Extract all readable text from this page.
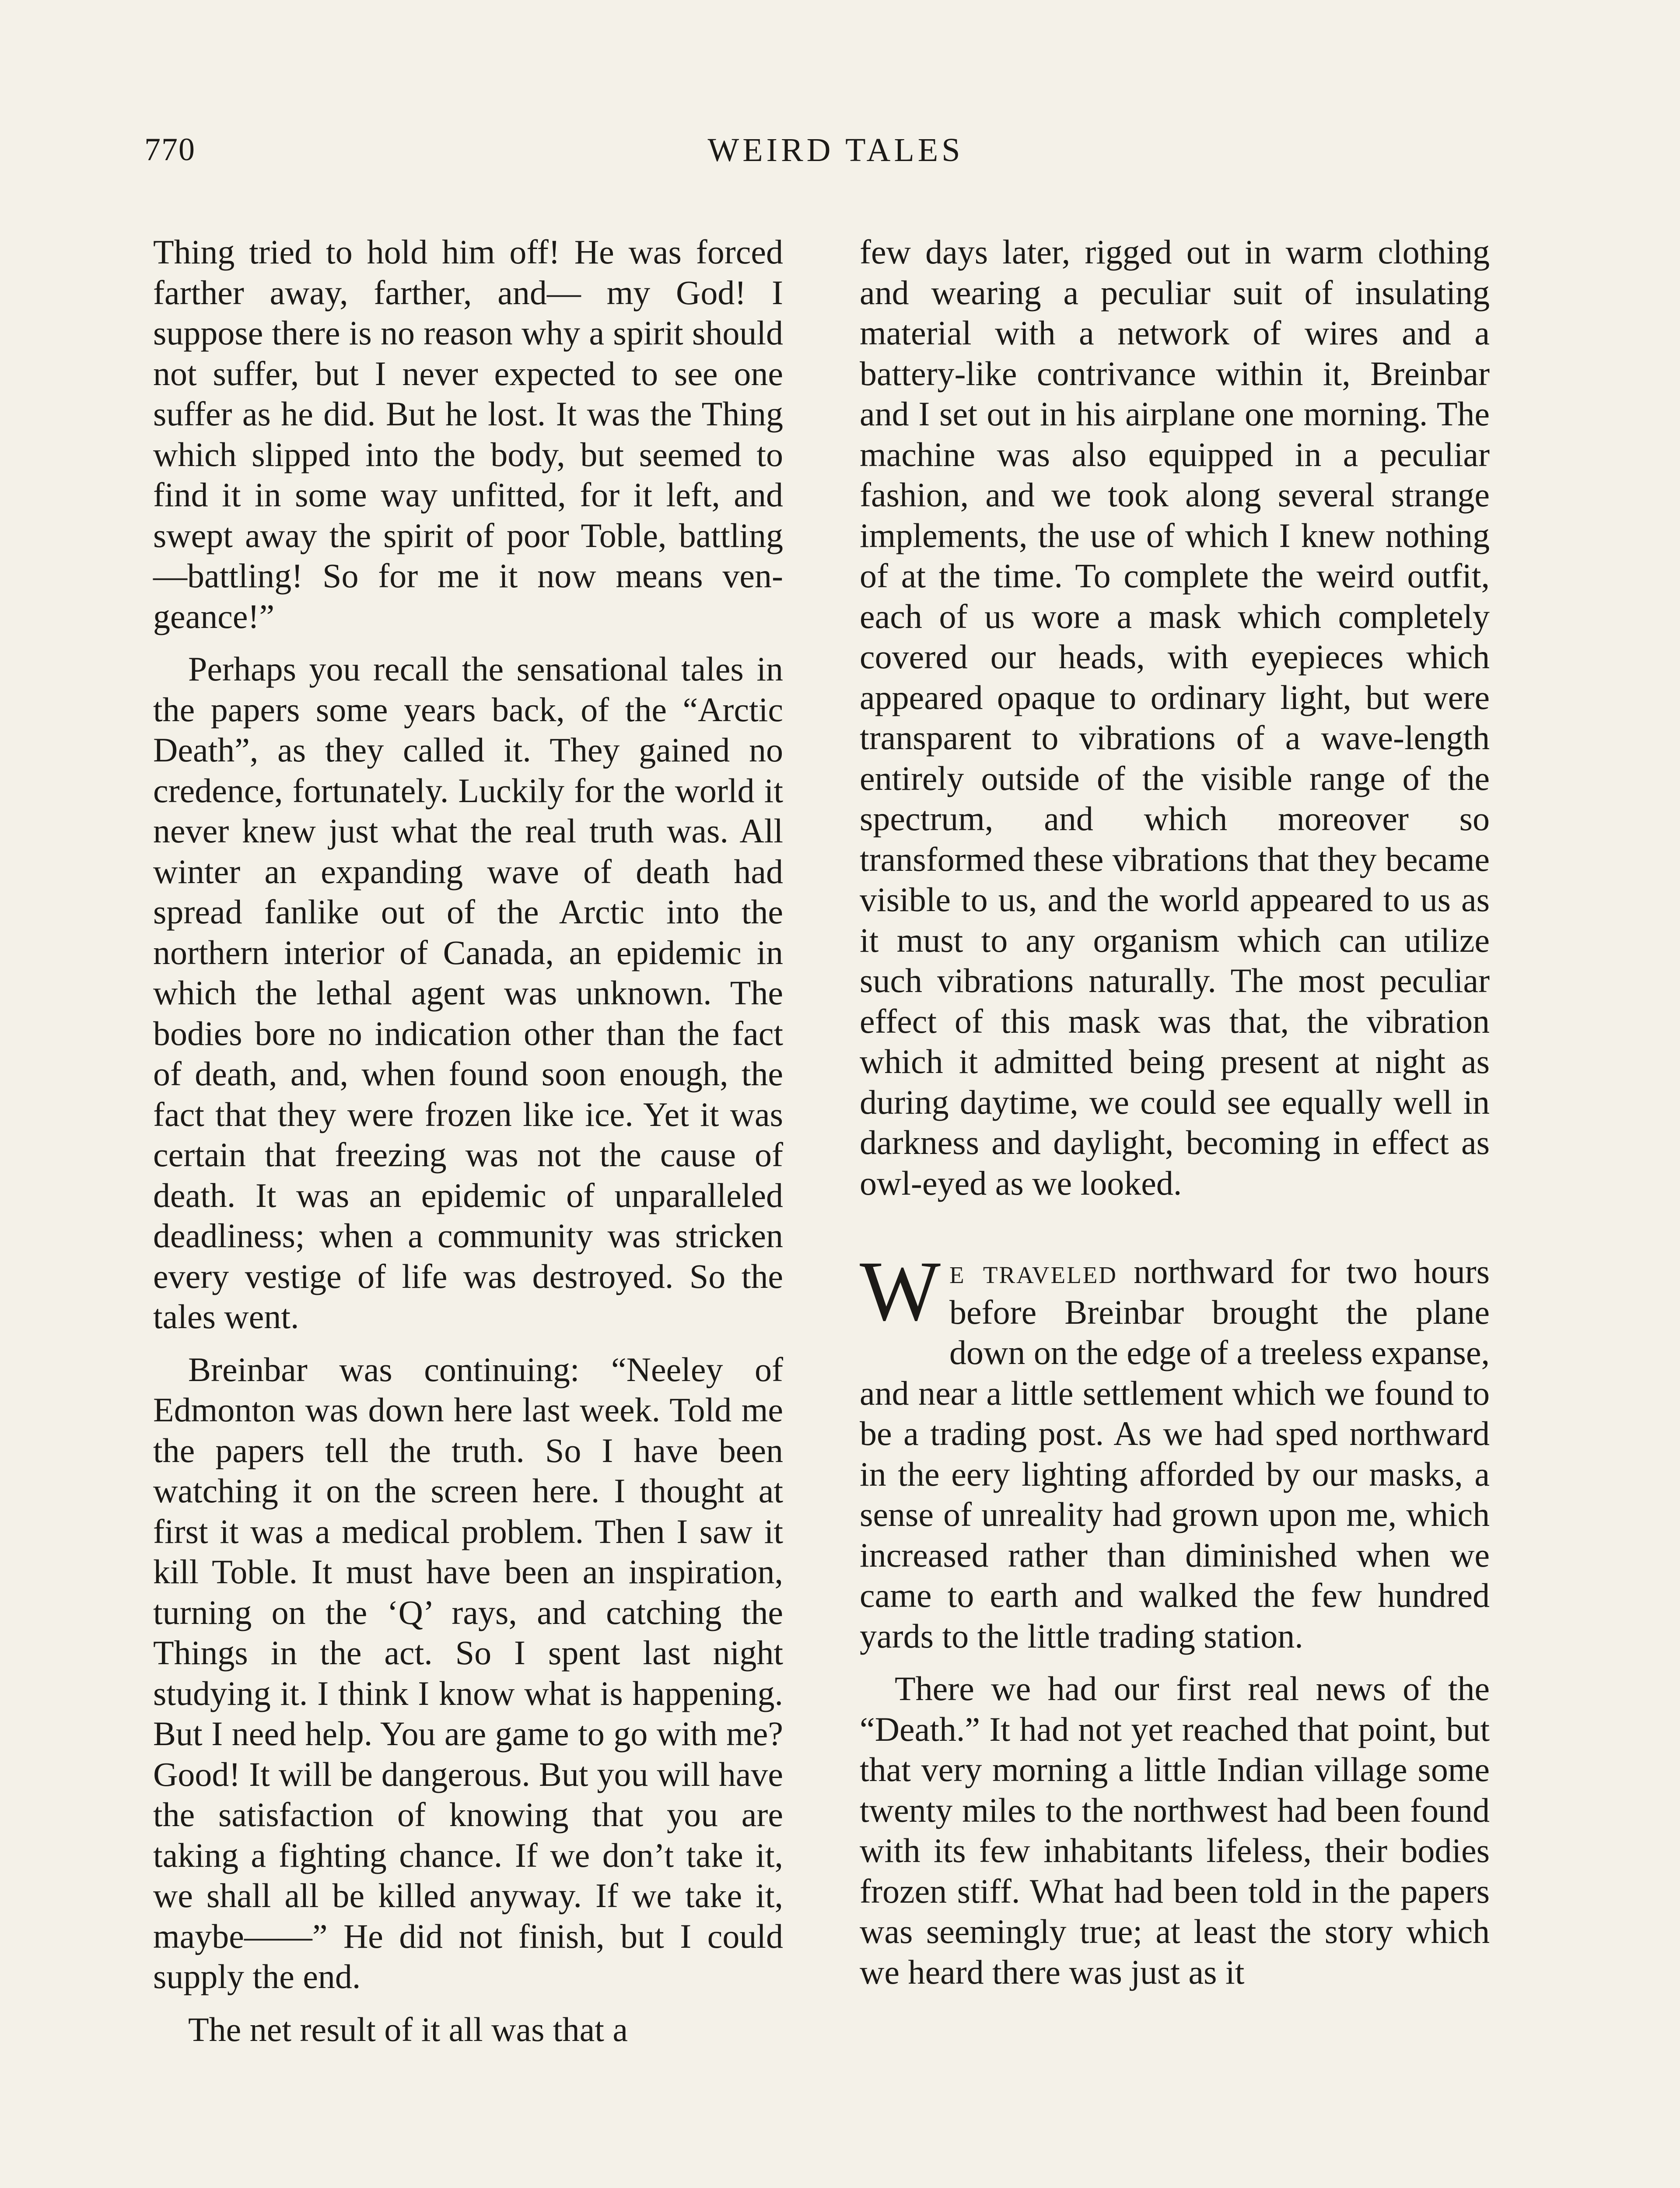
770	WEIRD TALES

Thing tried to hold him off! He was forced farther away, farther, and— my God! I suppose there is no reason why a spirit should not suffer, but I never expected to see one suffer as he did. But he lost. It was the Thing which slipped into the body, but seemed to find it in some way unfitted, for it left, and swept away the spirit of poor Toble, battling—battling! So for me it now means vengeance!”

Perhaps you recall the sensational tales in the papers some years back, of the “Arctic Death”, as they called it. They gained no credence, fortunately. Luckily for the world it never knew just what the real truth was. All winter an expanding wave of death had spread fanlike out of the Arctic into the northern interior of Canada, an epidemic in which the lethal agent was unknown. The bodies bore no indication other than the fact of death, and, when found soon enough, the fact that they were frozen like ice. Yet it was certain that freezing was not the cause of death. It was an epidemic of unparalleled deadliness; when a community was stricken every vestige of life was destroyed. So the tales went.

Breinbar was continuing: “Neeley of Edmonton was down here last week. Told me the papers tell the truth. So I have been watching it on the screen here. I thought at first it was a medical problem. Then I saw it kill Toble. It must have been an inspiration, turning on the ‘Q’ rays, and catching the Things in the act. So I spent last night studying it. I think I know what is happening. But I need help. You are game to go with me? Good! It will be dangerous. But you will have the satisfaction of knowing that you are taking a fighting chance. If we don’t take it, we shall all be killed anyway. If we take it, maybe——” He did not finish, but I could supply the end.

The net result of it all was that a

few days later, rigged out in warm clothing and wearing a peculiar suit of insulating material with a network of wires and a battery-like contrivance within it, Breinbar and I set out in his airplane one morning. The machine was also equipped in a peculiar fashion, and we took along several strange implements, the use of which I knew nothing of at the time. To complete the weird outfit, each of us wore a mask which completely covered our heads, with eyepieces which appeared opaque to ordinary light, but were transparent to vibrations of a wave-length entirely outside of the visible range of the spectrum, and which moreover so transformed these vibrations that they became visible to us, and the world appeared to us as it must to any organism which can utilize such vibrations naturally. The most peculiar effect of this mask was that, the vibration which it admitted being present at night as during daytime, we could see equally well in darkness and daylight, becoming in effect as owl-eyed as we looked.

We traveled northward for two hours before Breinbar brought the plane down on the edge of a treeless expanse, and near a little settlement which we found to be a trading post. As we had sped northward in the eery lighting afforded by our masks, a sense of unreality had grown upon me, which increased rather than diminished when we came to earth and walked the few hundred yards to the little trading station.

There we had our first real news of the “Death.” It had not yet reached that point, but that very morning a little Indian village some twenty miles to the northwest had been found with its few inhabitants lifeless, their bodies frozen stiff. What had been told in the papers was seemingly true; at least the story which we heard there was just as it
